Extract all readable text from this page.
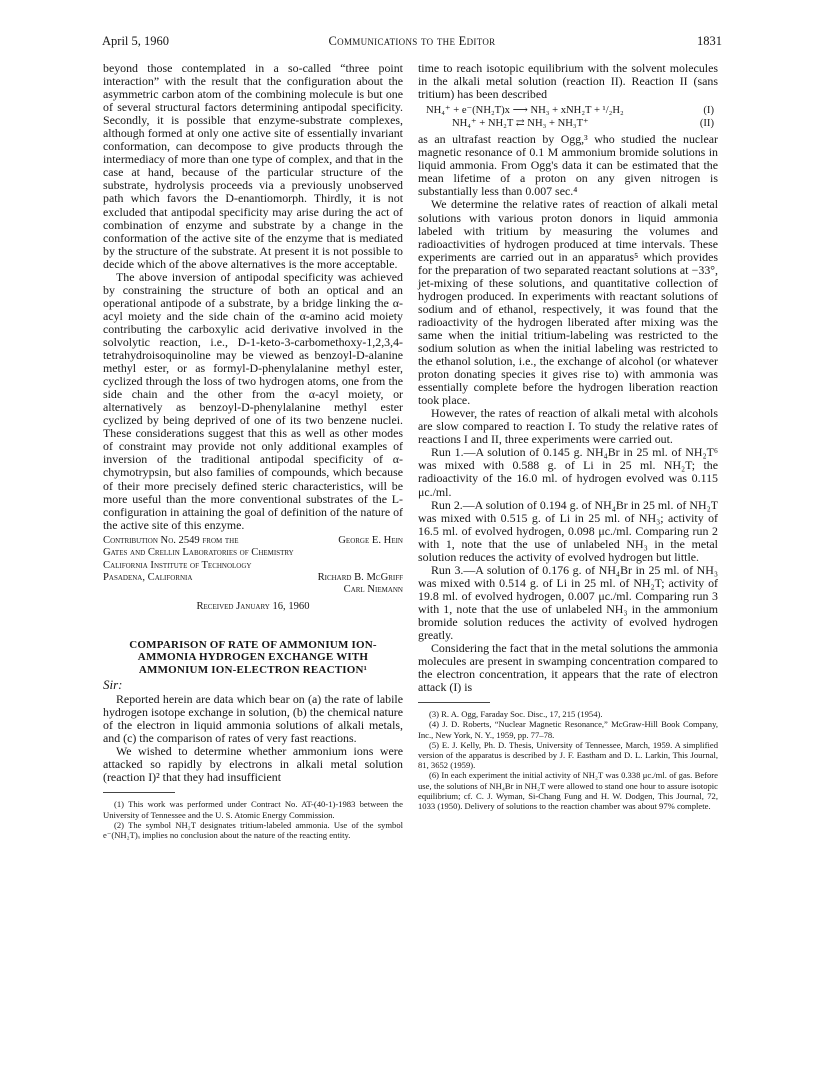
April 5, 1960	Communications to the Editor	1831

beyond those contemplated in a so-called “three point interaction” with the result that the configuration about the asymmetric carbon atom of the combining molecule is but one of several structural factors determining antipodal specificity. Secondly, it is possible that enzyme-substrate complexes, although formed at only one active site of essentially invariant conformation, can decompose to give products through the intermediacy of more than one type of complex, and that in the case at hand, because of the particular structure of the substrate, hydrolysis proceeds via a previously unobserved path which favors the D-enantiomorph. Thirdly, it is not excluded that antipodal specificity may arise during the act of combination of enzyme and substrate by a change in the conformation of the active site of the enzyme that is mediated by the structure of the substrate. At present it is not possible to decide which of the above alternatives is the more acceptable.

The above inversion of antipodal specificity was achieved by constraining the structure of both an optical and an operational antipode of a substrate, by a bridge linking the α-acyl moiety and the side chain of the α-amino acid moiety contributing the carboxylic acid derivative involved in the solvolytic reaction, i.e., D-1-keto-3-carbomethoxy-1,2,3,4-tetrahydroisoquinoline may be viewed as benzoyl-D-alanine methyl ester, or as formyl-D-phenylalanine methyl ester, cyclized through the loss of two hydrogen atoms, one from the side chain and the other from the α-acyl moiety, or alternatively as benzoyl-D-phenylalanine methyl ester cyclized by being deprived of one of its two benzene nuclei. These considerations suggest that this as well as other modes of constraint may provide not only additional examples of inversion of the traditional antipodal specificity of α-chymotrypsin, but also families of compounds, which because of their more precisely defined steric characteristics, will be more useful than the more conventional substrates of the L-configuration in attaining the goal of definition of the nature of the active site of this enzyme.

Contribution No. 2549 from the	George E. Hein
Gates and Crellin Laboratories of Chemistry
California Institute of Technology
Pasadena, California	Richard B. McGriff
Carl Niemann
Received January 16, 1960
COMPARISON OF RATE OF AMMONIUM ION-AMMONIA HYDROGEN EXCHANGE WITH AMMONIUM ION-ELECTRON REACTION¹
Sir:

Reported herein are data which bear on (a) the rate of labile hydrogen isotope exchange in solution, (b) the chemical nature of the electron in liquid ammonia solutions of alkali metals, and (c) the comparison of rates of very fast reactions.

We wished to determine whether ammonium ions were attacked so rapidly by electrons in alkali metal solution (reaction I)² that they had insufficient

(1) This work was performed under Contract No. AT-(40-1)-1983 between the University of Tennessee and the U. S. Atomic Energy Commission.

(2) The symbol NH₂T designates tritium-labeled ammonia. Use of the symbol e⁻(NH₂T)ₓ implies no conclusion about the nature of the reacting entity.

time to reach isotopic equilibrium with the solvent molecules in the alkali metal solution (reaction II). Reaction II (sans tritium) has been described

NH₄⁺ + e⁻(NH₂T)x ⟶ NH₃ + xNH₂T + ¹/₂H₂	(I)
NH₄⁺ + NH₂T ⇄ NH₃ + NH₃T⁺	(II)

as an ultrafast reaction by Ogg,³ who studied the nuclear magnetic resonance of 0.1 M ammonium bromide solutions in liquid ammonia. From Ogg's data it can be estimated that the mean lifetime of a proton on any given nitrogen is substantially less than 0.007 sec.⁴

We determine the relative rates of reaction of alkali metal solutions with various proton donors in liquid ammonia labeled with tritium by measuring the volumes and radioactivities of hydrogen produced at time intervals. These experiments are carried out in an apparatus⁵ which provides for the preparation of two separated reactant solutions at −33°, jet-mixing of these solutions, and quantitative collection of hydrogen produced. In experiments with reactant solutions of sodium and of ethanol, respectively, it was found that the radioactivity of the hydrogen liberated after mixing was the same when the initial tritium-labeling was restricted to the sodium solution as when the initial labeling was restricted to the ethanol solution, i.e., the exchange of alcohol (or whatever proton donating species it gives rise to) with ammonia was essentially complete before the hydrogen liberation reaction took place.

However, the rates of reaction of alkali metal with alcohols are slow compared to reaction I. To study the relative rates of reactions I and II, three experiments were carried out.

Run 1.—A solution of 0.145 g. NH₄Br in 25 ml. of NH₂T⁶ was mixed with 0.588 g. of Li in 25 ml. NH₂T; the radioactivity of the 16.0 ml. of hydrogen evolved was 0.115 μc./ml.

Run 2.—A solution of 0.194 g. of NH₄Br in 25 ml. of NH₂T was mixed with 0.515 g. of Li in 25 ml. of NH₃; activity of 16.5 ml. of evolved hydrogen, 0.098 μc./ml. Comparing run 2 with 1, note that the use of unlabeled NH₃ in the metal solution reduces the activity of evolved hydrogen but little.

Run 3.—A solution of 0.176 g. of NH₄Br in 25 ml. of NH₃ was mixed with 0.514 g. of Li in 25 ml. of NH₂T; activity of 19.8 ml. of evolved hydrogen, 0.007 μc./ml. Comparing run 3 with 1, note that the use of unlabeled NH₃ in the ammonium bromide solution reduces the activity of evolved hydrogen greatly.

Considering the fact that in the metal solutions the ammonia molecules are present in swamping concentration compared to the electron concentration, it appears that the rate of electron attack (I) is

(3) R. A. Ogg, Faraday Soc. Disc., 17, 215 (1954).

(4) J. D. Roberts, “Nuclear Magnetic Resonance,” McGraw-Hill Book Company, Inc., New York, N. Y., 1959, pp. 77–78.

(5) E. J. Kelly, Ph. D. Thesis, University of Tennessee, March, 1959. A simplified version of the apparatus is described by J. F. Eastham and D. L. Larkin, This Journal, 81, 3652 (1959).

(6) In each experiment the initial activity of NH₂T was 0.338 μc./ml. of gas. Before use, the solutions of NH₄Br in NH₂T were allowed to stand one hour to assure isotopic equilibrium; cf. C. J. Wyman, Si-Chang Fung and H. W. Dodgen, This Journal, 72, 1033 (1950). Delivery of solutions to the reaction chamber was about 97% complete.
